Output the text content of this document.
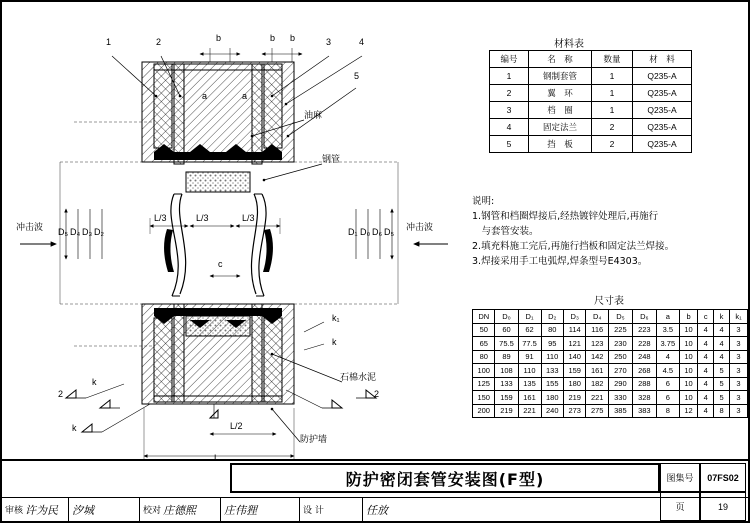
1	2	3	4
5
b	b b
a	a
c
油麻
钢管
石棉水泥
防护墙
冲击波	冲击波
D₅ D₄ D₃ D₂	D₁ D₀ D₆ D₅
L/3	L/3	L/3
L/2
L
k₁
k
k
k
2	2
材料表
编号	名　称	数量	材　料
1	钢制套管	1	Q235-A
2	翼　环	1	Q235-A
3	档　圈	1	Q235-A
4	固定法兰	2	Q235-A
5	挡　板	2	Q235-A
说明:
1.钢管和档圈焊接后,经热镀锌处理后,再施行
　与套管安装。
2.填充料施工完后,再施行挡板和固定法兰焊接。
3.焊接采用手工电弧焊,焊条型号E4303。
尺寸表
DN	D₀	D₁	D₂	D₃	D₄	D₅	D₆	a	b	c	k	k₁
50	60	62	80	114	116	225	223	3.5	10	4	4	3
65	75.5	77.5	95	121	123	230	228	3.75	10	4	4	3
80	89	91	110	140	142	250	248	4	10	4	4	3
100	108	110	133	159	161	270	268	4.5	10	4	5	3
125	133	135	155	180	182	290	288	6	10	4	5	3
150	159	161	180	219	221	330	328	6	10	4	5	3
200	219	221	240	273	275	385	383	8	12	4	8	3
防护密闭套管安装图(F型)	图集号	07FS02
页	19
审核 许为民 汐城	校对 庄德熙	庄伟狸	设 计	任放
